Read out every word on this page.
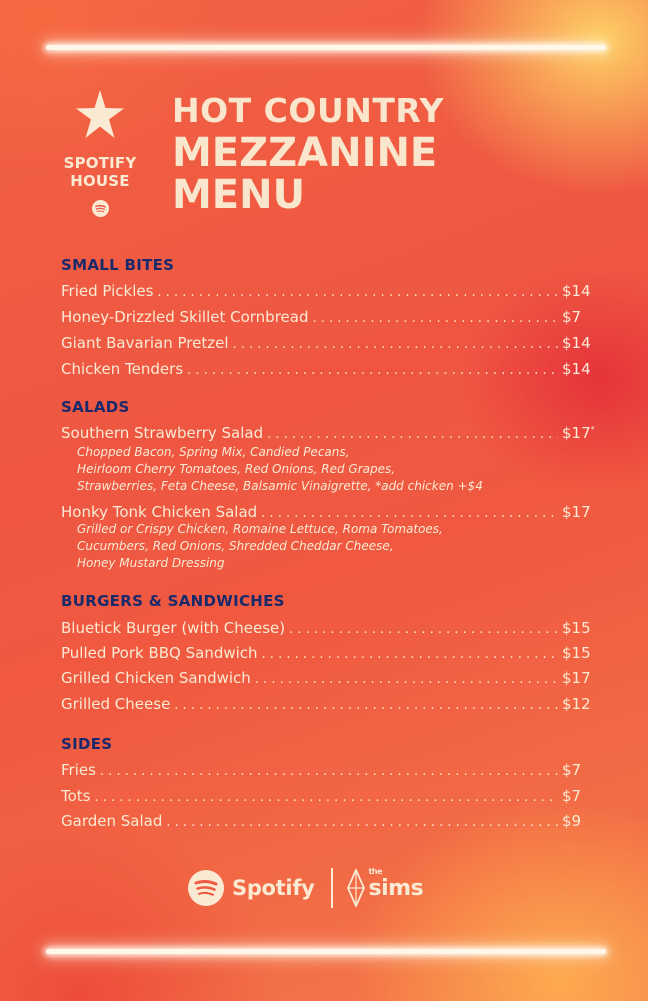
SPOTIFY
HOUSE
HOT COUNTRY
MEZZANINE
MENU
SMALL BITES
Fried Pickles . . .	$14
Honey-Drizzled Skillet Cornbread . . .	$7
Giant Bavarian Pretzel . . .	$14
Chicken Tenders . . .	$14
SALADS
Southern Strawberry Salad . . .	$17*
Chopped Bacon, Spring Mix, Candied Pecans,
Heirloom Cherry Tomatoes, Red Onions, Red Grapes,
Strawberries, Feta Cheese, Balsamic Vinaigrette, *add chicken +$4
Honky Tonk Chicken Salad . . .	$17
Grilled or Crispy Chicken, Romaine Lettuce, Roma Tomatoes,
Cucumbers, Red Onions, Shredded Cheddar Cheese,
Honey Mustard Dressing
BURGERS & SANDWICHES
Bluetick Burger (with Cheese) . . .	$15
Pulled Pork BBQ Sandwich . . .	$15
Grilled Chicken Sandwich . . .	$17
Grilled Cheese . . .	$12
SIDES
Fries . . .	$7
Tots . . .	$7
Garden Salad . . .	$9
Spotify
the
sims
